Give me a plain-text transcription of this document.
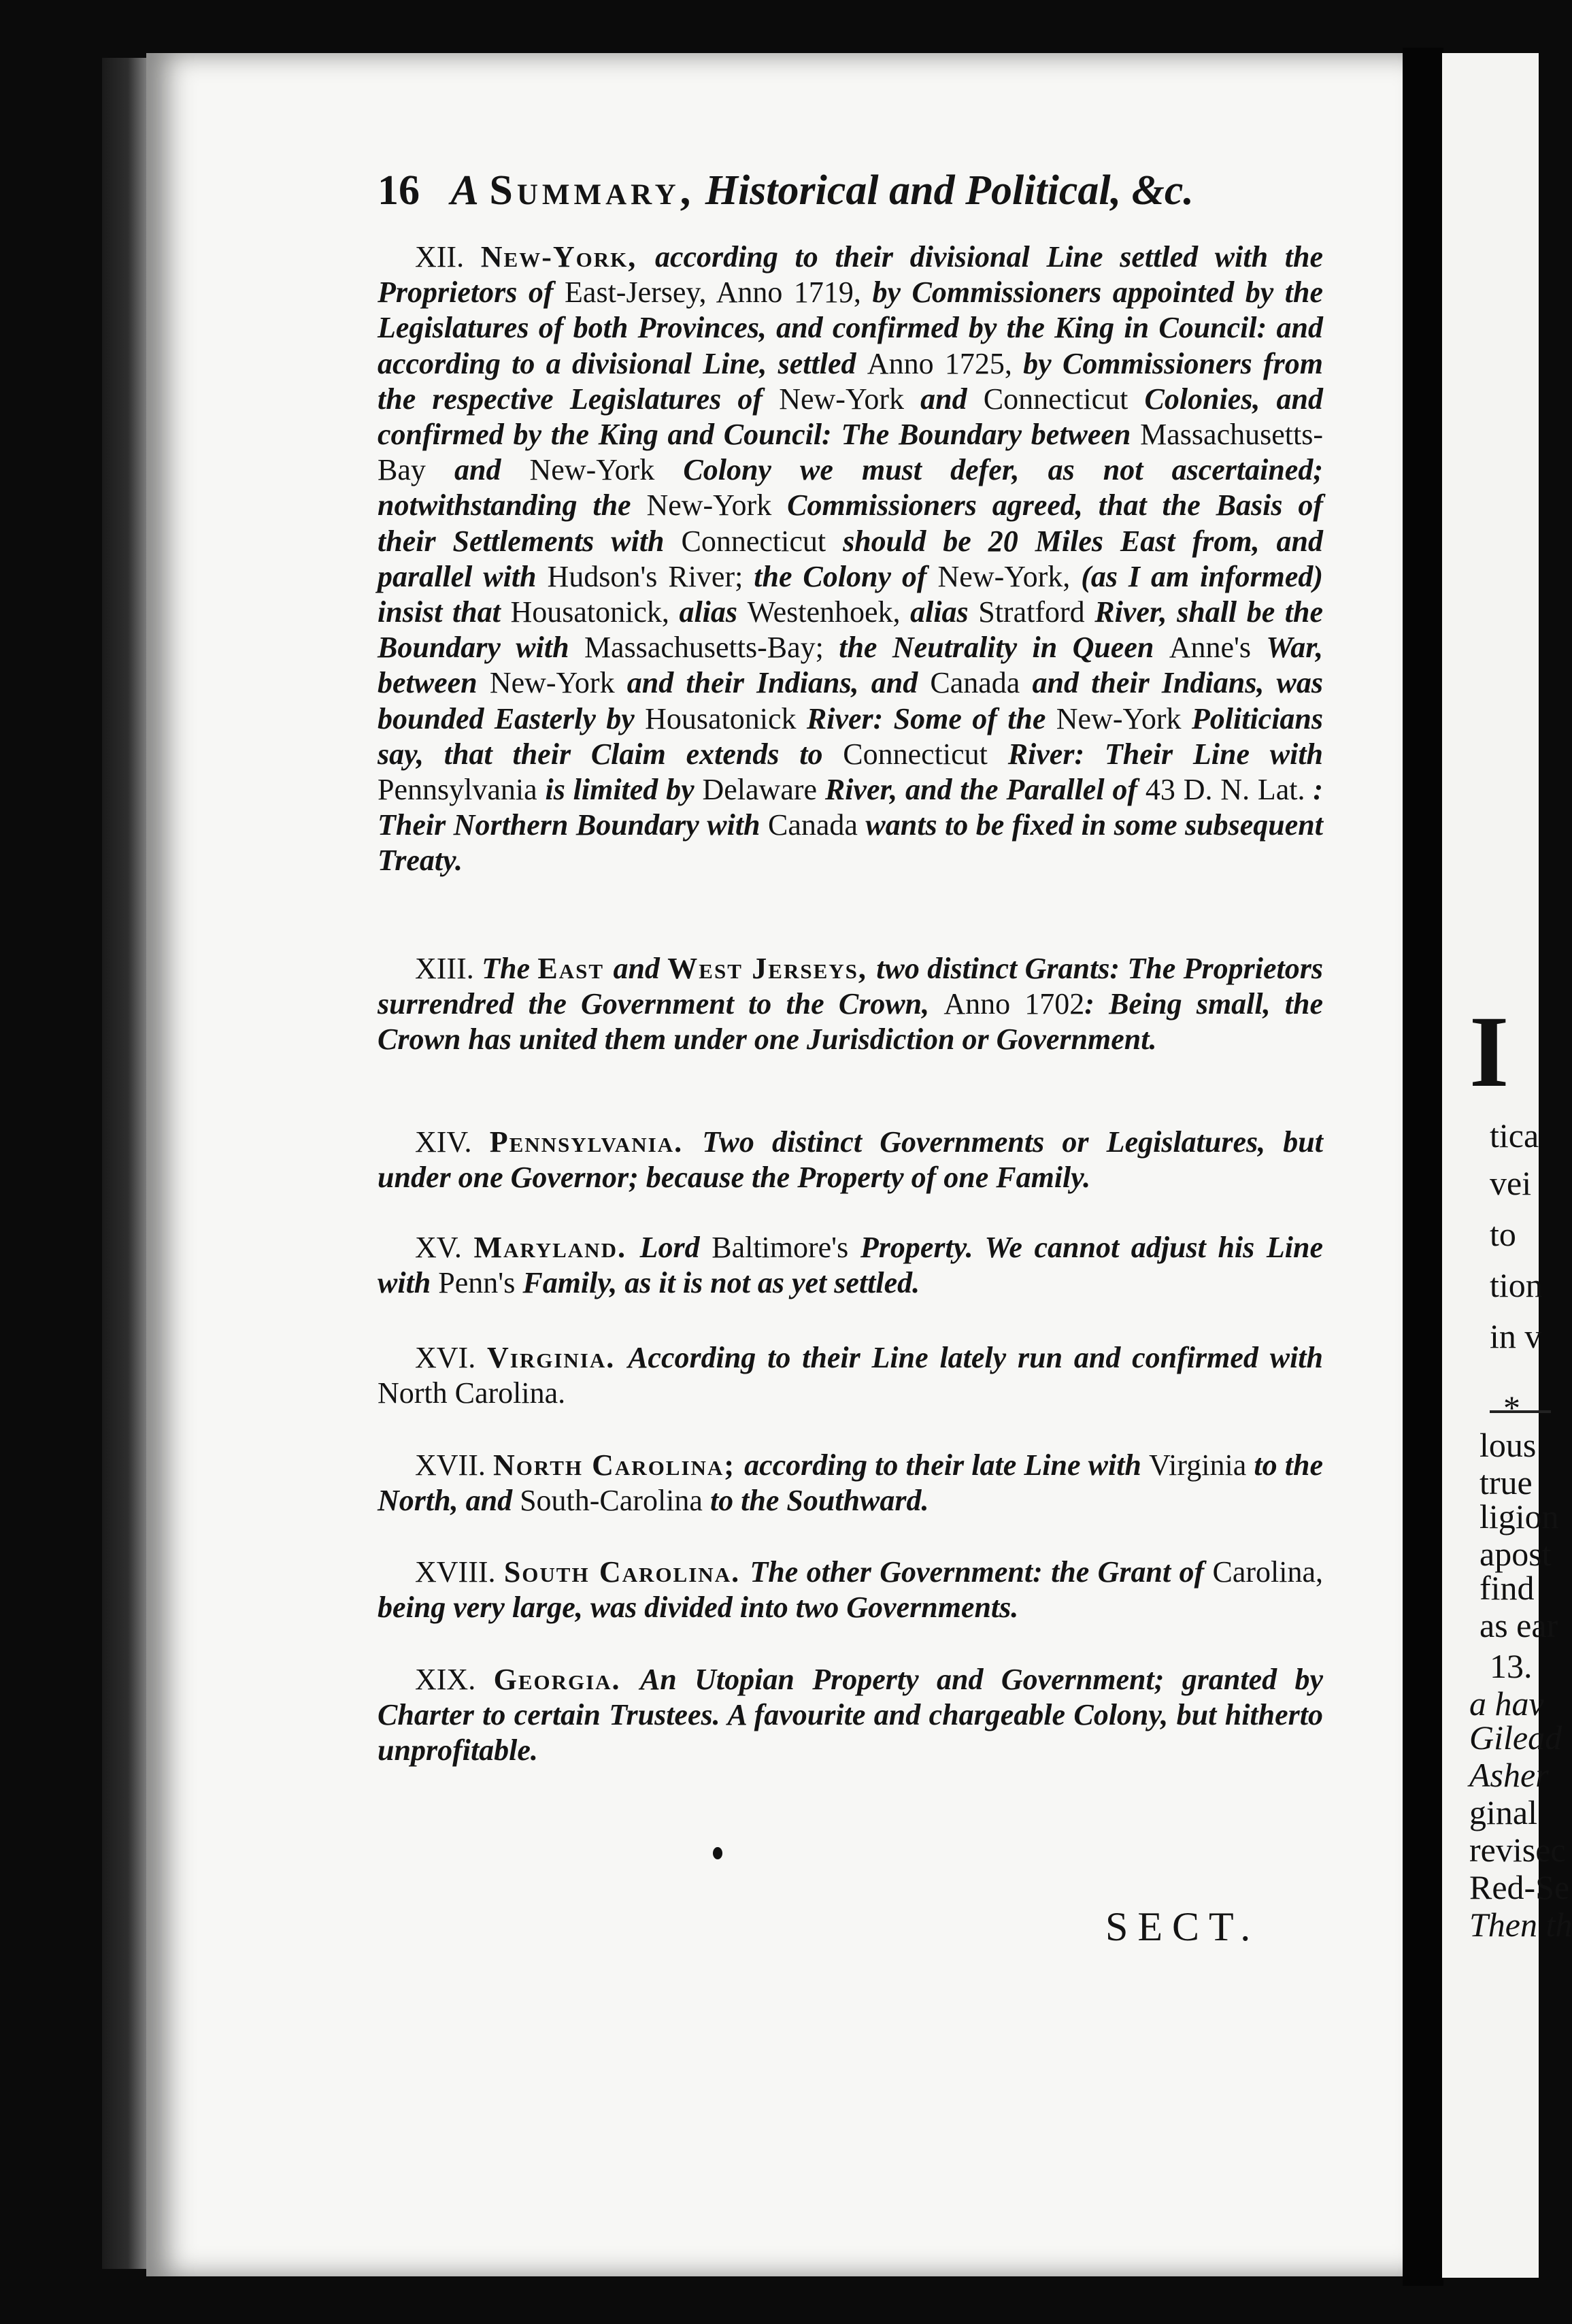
16 A Summary, Historical and Political, &c.
XII. New-York, according to their divisional Line settled with the Proprietors of East-Jersey, Anno 1719, by Commissioners appointed by the Legislatures of both Provinces, and confirmed by the King in Council: and according to a divisional Line, settled Anno 1725, by Commissioners from the respective Legislatures of New-York and Connecticut Colonies, and confirmed by the King and Council: The Boundary between Massachusetts-Bay and New-York Colony we must defer, as not ascertained; notwithstanding the New-York Commissioners agreed, that the Basis of their Settlements with Connecticut should be 20 Miles East from, and parallel with Hudson's River; the Colony of New-York, (as I am informed) insist that Housatonick, alias Westenhoek, alias Stratford River, shall be the Boundary with Massachusetts-Bay; the Neutrality in Queen Anne's War, between New-York and their Indians, and Canada and their Indians, was bounded Easterly by Housatonick River: Some of the New-York Politicians say, that their Claim extends to Connecticut River: Their Line with Pennsylvania is limited by Delaware River, and the Parallel of 43 D. N. Lat. : Their Northern Boundary with Canada wants to be fixed in some subsequent Treaty.
XIII. The East and West Jerseys, two distinct Grants: The Proprietors surrendred the Government to the Crown, Anno 1702: Being small, the Crown has united them under one Jurisdiction or Government.
XIV. Pennsylvania. Two distinct Governments or Legislatures, but under one Governor; because the Property of one Family.
XV. Maryland. Lord Baltimore's Property. We cannot adjust his Line with Penn's Family, as it is not as yet settled.
XVI. Virginia. According to their Line lately run and confirmed with North Carolina.
XVII. North Carolina; according to their late Line with Virginia to the North, and South-Carolina to the Southward.
XVIII. South Carolina. The other Government: the Grant of Carolina, being very large, was divided into two Governments.
XIX. Georgia. An Utopian Property and Government; granted by Charter to certain Trustees. A favourite and chargeable Colony, but hitherto unprofitable.
SECT.
I
ticа
vei
to
tion
in v
*
lous
true
ligion
apost
find
as ear
13.
a hav
Gilead
Asher
ginal
revisec
Red-Se
Then th
